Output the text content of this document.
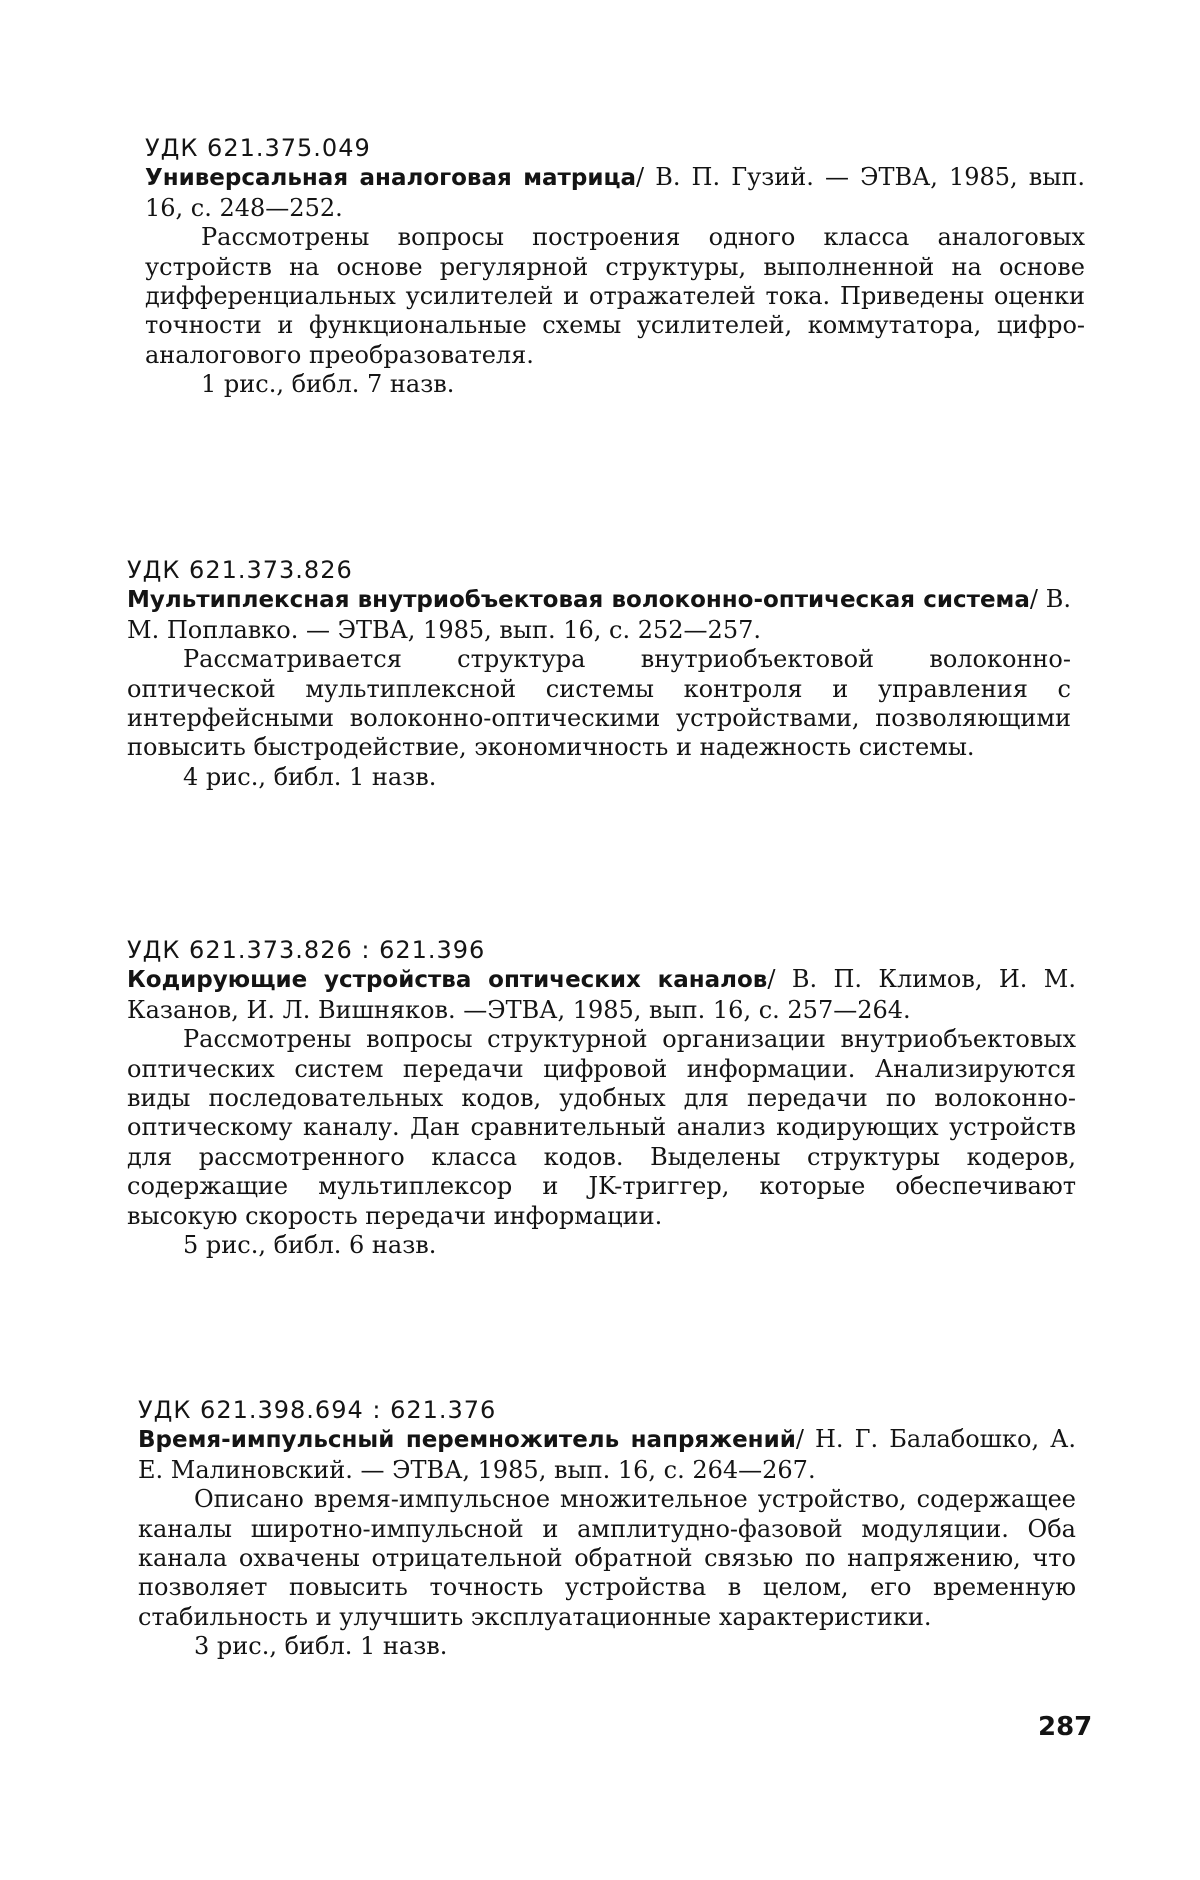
УДК 621.375.049

Универсальная аналоговая матрица/ В. П. Гузий. — ЭТВА, 1985, вып. 16, с. 248—252.

Рассмотрены вопросы построения одного класса аналоговых устройств на основе регулярной структуры, выполненной на основе дифференциальных усилителей и отражателей тока. Приведены оценки точности и функциональные схемы усилителей, коммутатора, цифро-аналогового преобразователя.

1 рис., библ. 7 назв.

УДК 621.373.826

Мультиплексная внутриобъектовая волоконно-оптическая система/ В. М. Поплавко. — ЭТВА, 1985, вып. 16, с. 252—257.

Рассматривается структура внутриобъектовой волоконно-оптической мультиплексной системы контроля и управления с интерфейсными волоконно-оптическими устройствами, позволяющими повысить быстродействие, экономичность и надежность системы.

4 рис., библ. 1 назв.

УДК 621.373.826 : 621.396

Кодирующие устройства оптических каналов/ В. П. Климов, И. М. Казанов, И. Л. Вишняков. —ЭТВА, 1985, вып. 16, с. 257—264.

Рассмотрены вопросы структурной организации внутриобъектовых оптических систем передачи цифровой информации. Анализируются виды последовательных кодов, удобных для передачи по волоконно-оптическому каналу. Дан сравнительный анализ кодирующих устройств для рассмотренного класса кодов. Выделены структуры кодеров, содержащие мультиплексор и JK-триггер, которые обеспечивают высокую скорость передачи информации.

5 рис., библ. 6 назв.

УДК 621.398.694 : 621.376

Время-импульсный перемножитель напряжений/ Н. Г. Балабошко, А. Е. Малиновский. — ЭТВА, 1985, вып. 16, с. 264—267.

Описано время-импульсное множительное устройство, содержащее каналы широтно-импульсной и амплитудно-фазовой модуляции. Оба канала охвачены отрицательной обратной связью по напряжению, что позволяет повысить точность устройства в целом, его временную стабильность и улучшить эксплуатационные характеристики.

3 рис., библ. 1 назв.

287
